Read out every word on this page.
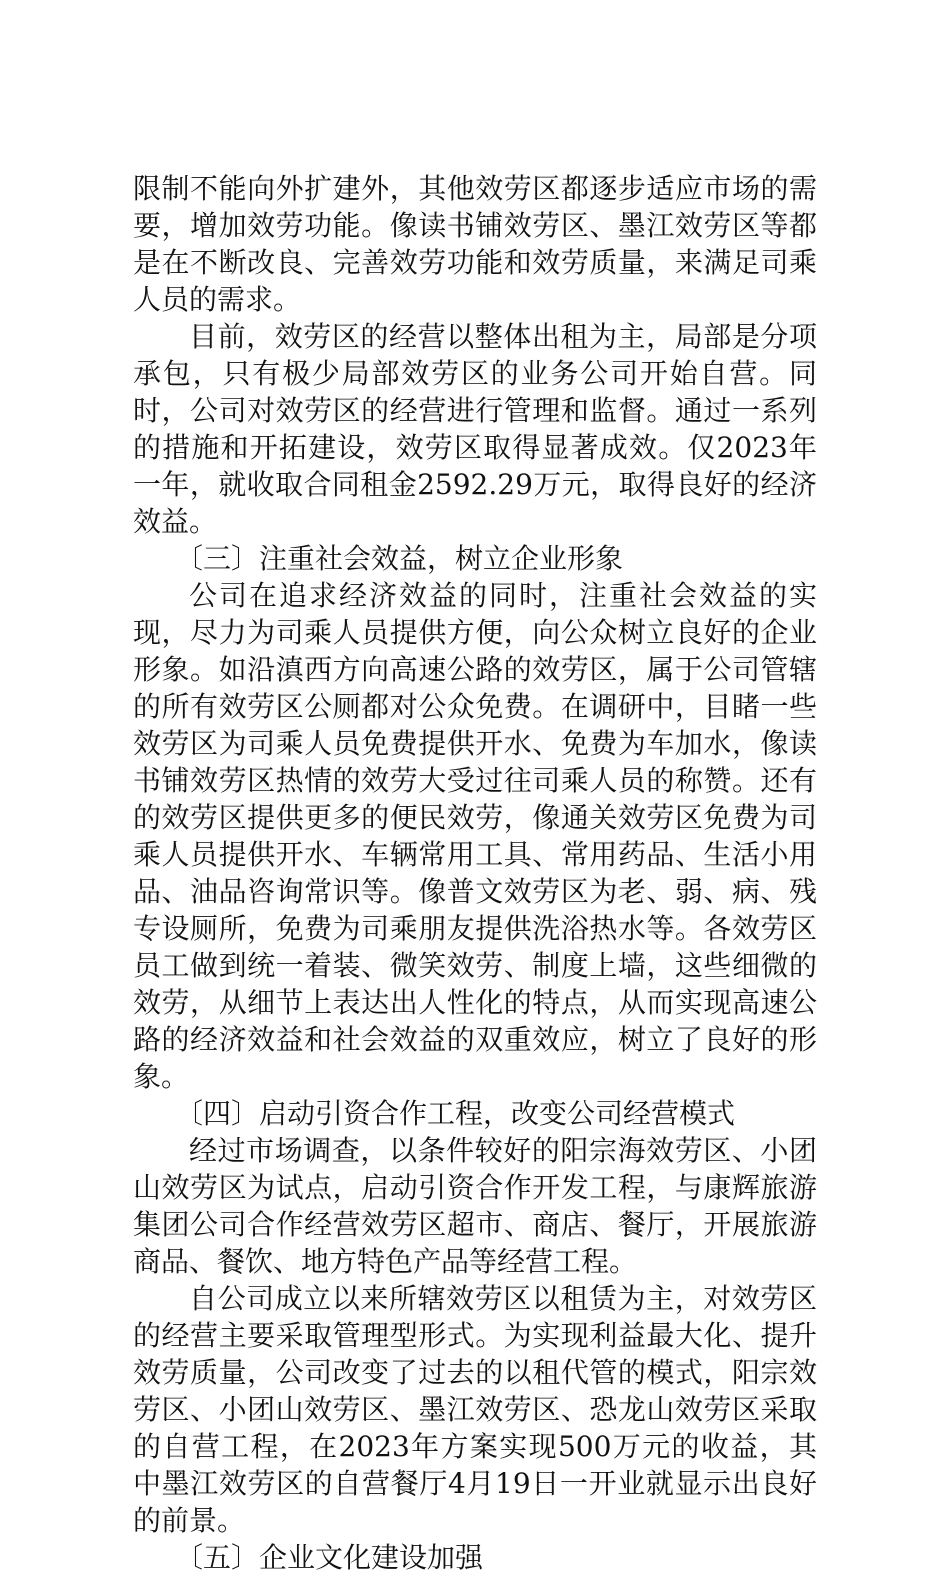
限制不能向外扩建外，其他效劳区都逐步适应市场的需要，增加效劳功能。像读书铺效劳区、墨江效劳区等都是在不断改良、完善效劳功能和效劳质量，来满足司乘人员的需求。

目前，效劳区的经营以整体出租为主，局部是分项承包，只有极少局部效劳区的业务公司开始自营。同时，公司对效劳区的经营进行管理和监督。通过一系列的措施和开拓建设，效劳区取得显著成效。仅2023年一年，就收取合同租金2592.29万元，取得良好的经济效益。

〔三〕注重社会效益，树立企业形象

公司在追求经济效益的同时，注重社会效益的实现，尽力为司乘人员提供方便，向公众树立良好的企业形象。如沿滇西方向高速公路的效劳区，属于公司管辖的所有效劳区公厕都对公众免费。在调研中，目睹一些效劳区为司乘人员免费提供开水、免费为车加水，像读书铺效劳区热情的效劳大受过往司乘人员的称赞。还有的效劳区提供更多的便民效劳，像通关效劳区免费为司乘人员提供开水、车辆常用工具、常用药品、生活小用品、油品咨询常识等。像普文效劳区为老、弱、病、残专设厕所，免费为司乘朋友提供洗浴热水等。各效劳区员工做到统一着装、微笑效劳、制度上墙，这些细微的效劳，从细节上表达出人性化的特点，从而实现高速公路的经济效益和社会效益的双重效应，树立了良好的形象。

〔四〕启动引资合作工程，改变公司经营模式

经过市场调查，以条件较好的阳宗海效劳区、小团山效劳区为试点，启动引资合作开发工程，与康辉旅游集团公司合作经营效劳区超市、商店、餐厅，开展旅游商品、餐饮、地方特色产品等经营工程。

自公司成立以来所辖效劳区以租赁为主，对效劳区的经营主要采取管理型形式。为实现利益最大化、提升效劳质量，公司改变了过去的以租代管的模式，阳宗效劳区、小团山效劳区、墨江效劳区、恐龙山效劳区采取的自营工程，在2023年方案实现500万元的收益，其中墨江效劳区的自营餐厅4月19日一开业就显示出良好的前景。

〔五〕企业文化建设加强
